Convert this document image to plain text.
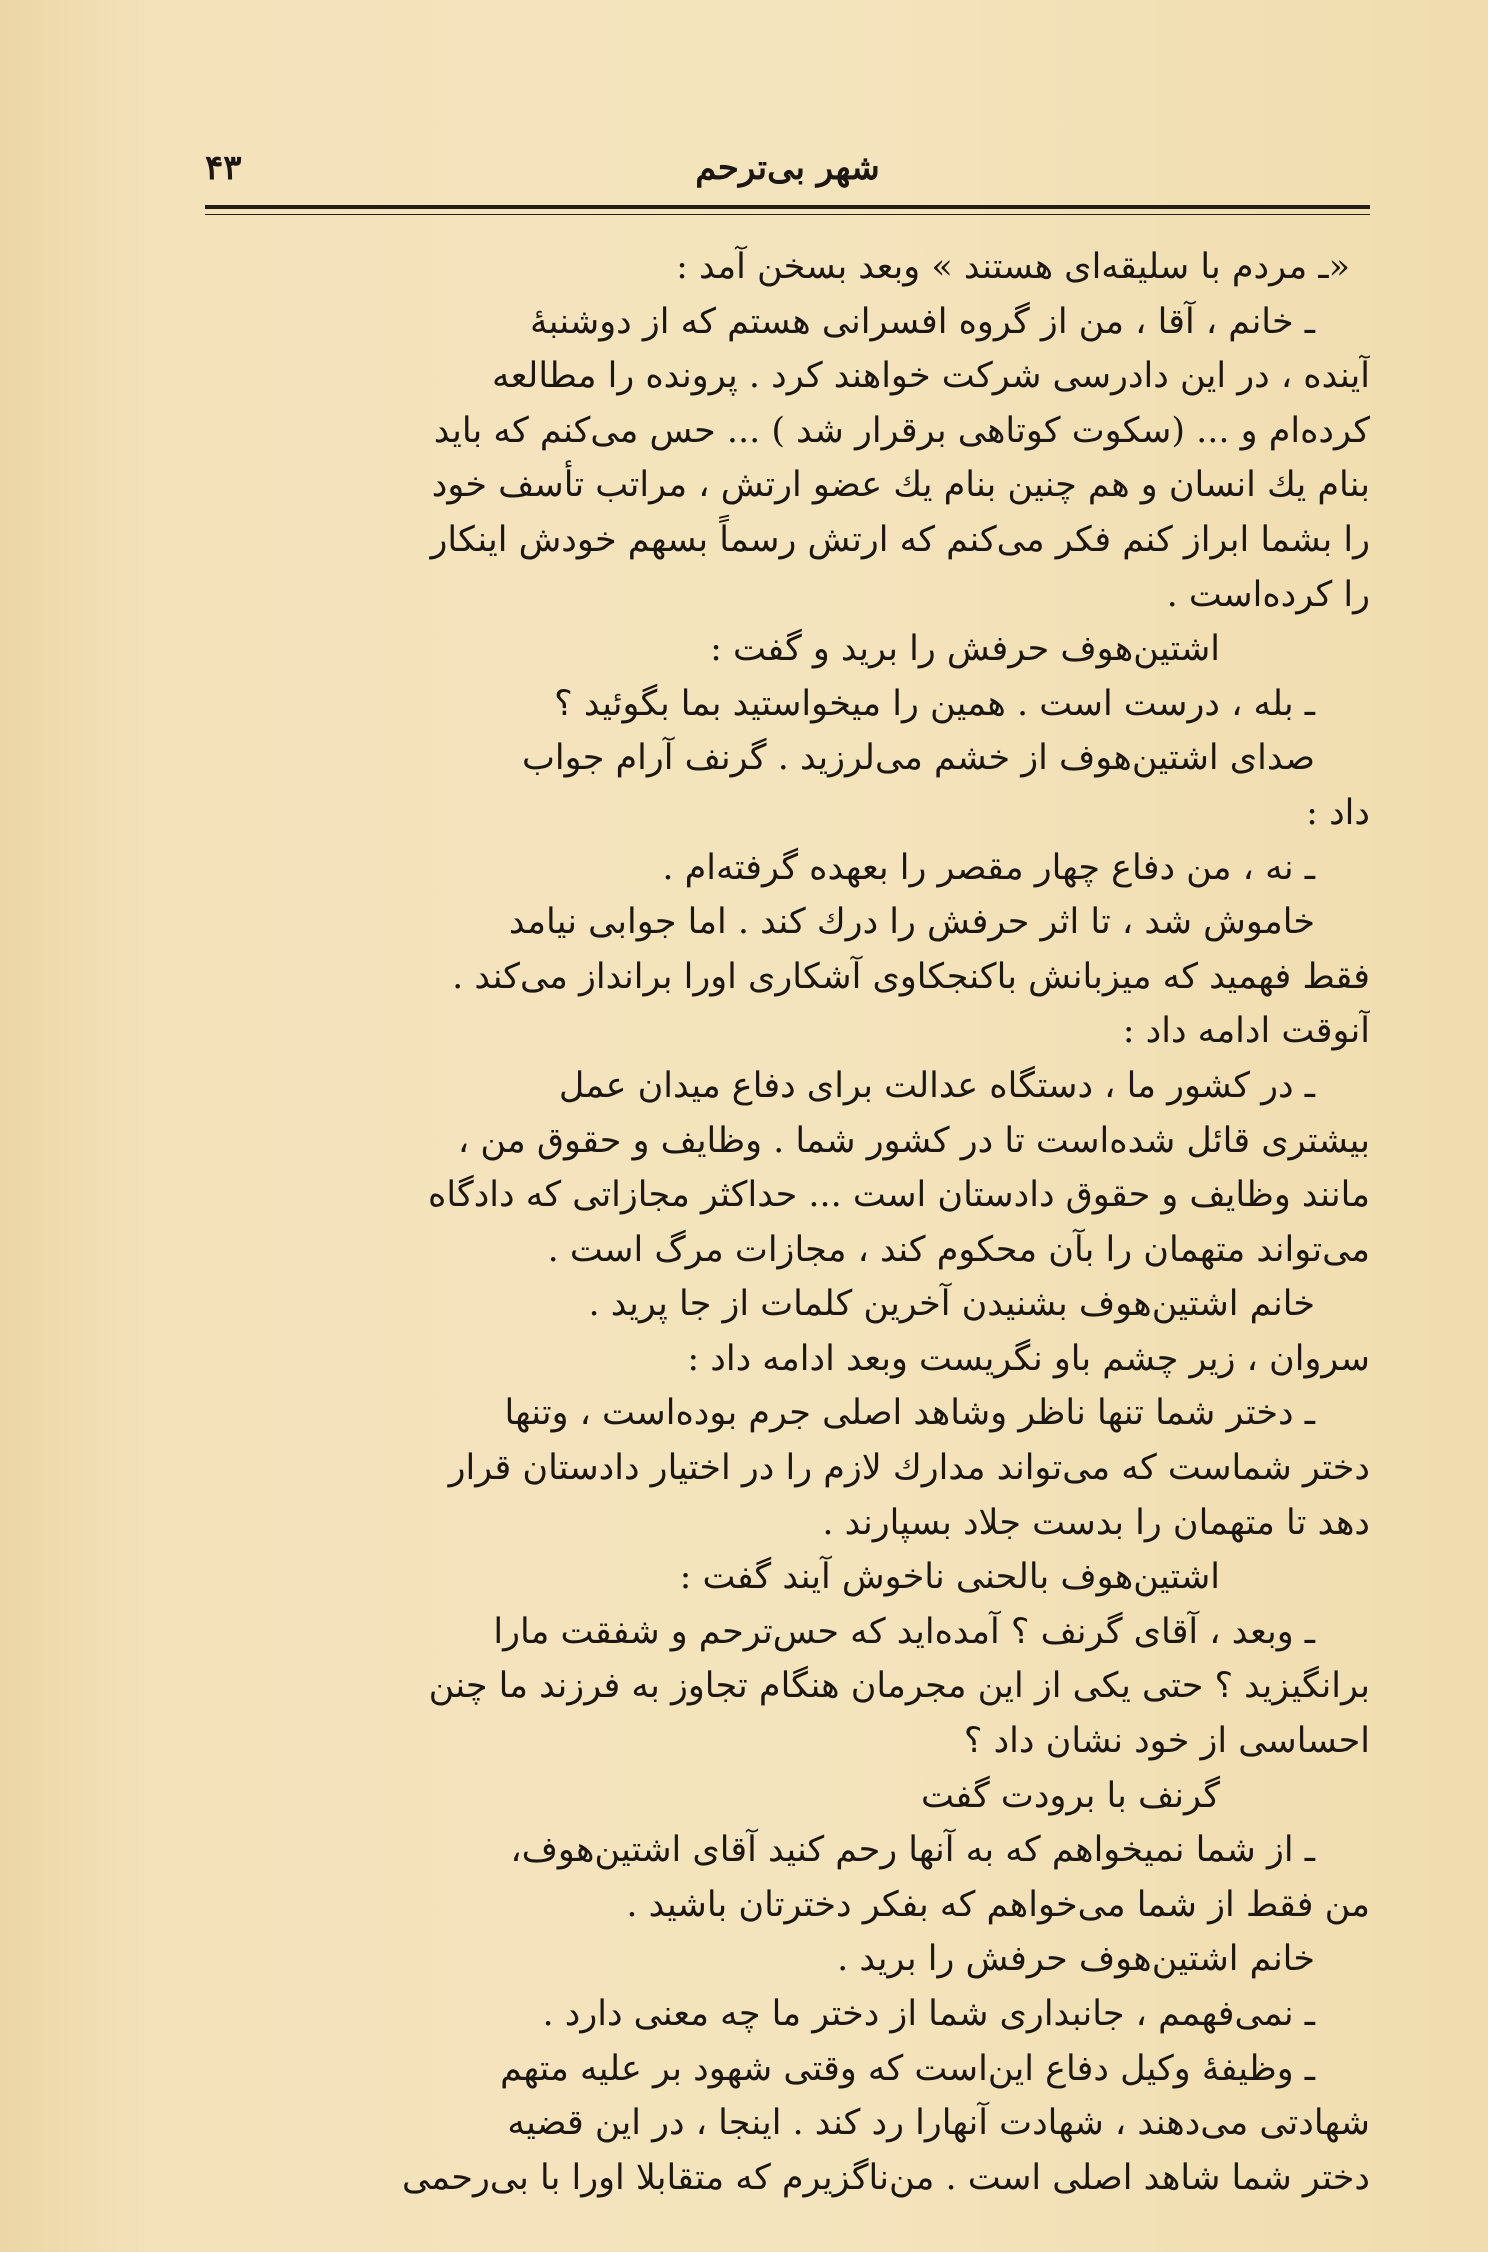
شهر بی‌ترحم
۴۳
«ـ مردم با سلیقه‌ای هستند » وبعد بسخن آمد :
ـ خانم ، آقا ، من از گروه افسرانی هستم که از دوشنبهٔ
آینده ، در این دادرسی شرکت خواهند کرد . پرونده را مطالعه
کرده‌ام و ... (سکوت کوتاهی برقرار شد ) ... حس می‌کنم که باید
بنام یك انسان و هم چنین بنام یك عضو ارتش ، مراتب تأسف خود
را بشما ابراز کنم فکر می‌کنم که ارتش رسماً بسهم خودش اینکار
را کرده‌است .
اشتین‌هوف حرفش را برید و گفت :
ـ بله ، درست است . همین را میخواستید بما بگوئید ؟
صدای اشتین‌هوف از خشم می‌لرزید . گرنف آرام جواب
داد :
ـ نه ، من دفاع چهار مقصر را بعهده گرفته‌ام .
خاموش شد ، تا اثر حرفش را درك کند . اما جوابی نیامد
فقط فهمید که میزبانش باکنجکاوی آشکاری اورا برانداز می‌کند .
آنوقت ادامه داد :
ـ در کشور ما ، دستگاه عدالت برای دفاع میدان عمل
بیشتری قائل شده‌است تا در کشور شما . وظایف و حقوق من ،
مانند وظایف و حقوق دادستان است ... حداکثر مجازاتی که دادگاه
می‌تواند متهمان را بآن محکوم کند ، مجازات مرگ است .
خانم اشتین‌هوف بشنیدن آخرین کلمات از جا پرید .
سروان ، زیر چشم باو نگریست وبعد ادامه داد :
ـ دختر شما تنها ناظر وشاهد اصلی جرم بوده‌است ، وتنها
دختر شماست که می‌تواند مدارك لازم را در اختیار دادستان قرار
دهد تا متهمان را بدست جلاد بسپارند .
اشتین‌هوف بالحنی ناخوش آیند گفت :
ـ وبعد ، آقای گرنف ؟ آمده‌اید که حس‌ترحم و شفقت مارا
برانگیزید ؟ حتی یکی از این مجرمان هنگام تجاوز به فرزند ما چنن
احساسی از خود نشان داد ؟
گرنف با برودت گفت
ـ از شما نمیخواهم که به آنها رحم کنید آقای اشتین‌هوف،
من فقط از شما می‌خواهم که بفکر دخترتان باشید .
خانم اشتین‌هوف حرفش را برید .
ـ نمی‌فهمم ، جانبداری شما از دختر ما چه معنی دارد .
ـ وظیفهٔ وکیل دفاع این‌است که وقتی شهود بر علیه متهم
شهادتی می‌دهند ، شهادت آنهارا رد کند . اینجا ، در این قضیه
دختر شما شاهد اصلی است . من‌ناگزیرم که متقابلا اورا با بی‌رحمی
